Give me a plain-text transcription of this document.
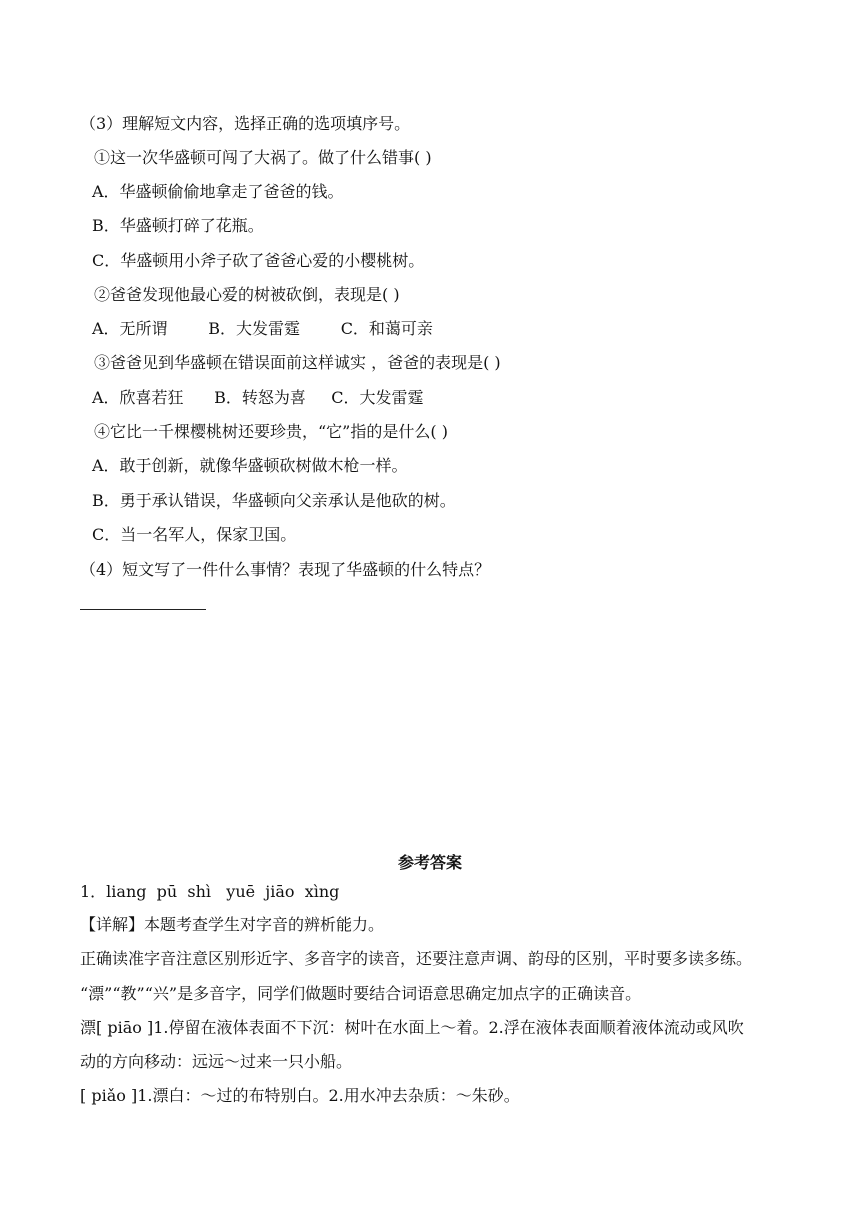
（3）理解短文内容，选择正确的选项填序号。
①这一次华盛顿可闯了大祸了。做了什么错事( )
A．华盛顿偷偷地拿走了爸爸的钱。
B．华盛顿打碎了花瓶。
C．华盛顿用小斧子砍了爸爸心爱的小樱桃树。
②爸爸发现他最心爱的树被砍倒，表现是( )
A．无所谓        B．大发雷霆        C．和蔼可亲
③爸爸见到华盛顿在错误面前这样诚实 ，爸爸的表现是( )
A．欣喜若狂      B．转怒为喜     C．大发雷霆
④它比一千棵樱桃树还要珍贵，“它”指的是什么( )
A．敢于创新，就像华盛顿砍树做木枪一样。
B．勇于承认错误，华盛顿向父亲承认是他砍的树。
C．当一名军人，保家卫国。
（4）短文写了一件什么事情？表现了华盛顿的什么特点？
参考答案
1．liang  pū  shì   yuē  jiāo  xìng
【详解】本题考查学生对字音的辨析能力。
正确读准字音注意区别形近字、多音字的读音，还要注意声调、韵母的区别，平时要多读多练。
“漂”“教”“兴”是多音字，同学们做题时要结合词语意思确定加点字的正确读音。
漂[ piāo ]1.停留在液体表面不下沉：树叶在水面上～着。2.浮在液体表面顺着液体流动或风吹
动的方向移动：远远～过来一只小船。
[ piǎo ]1.漂白：～过的布特别白。2.用水冲去杂质：～朱砂。
